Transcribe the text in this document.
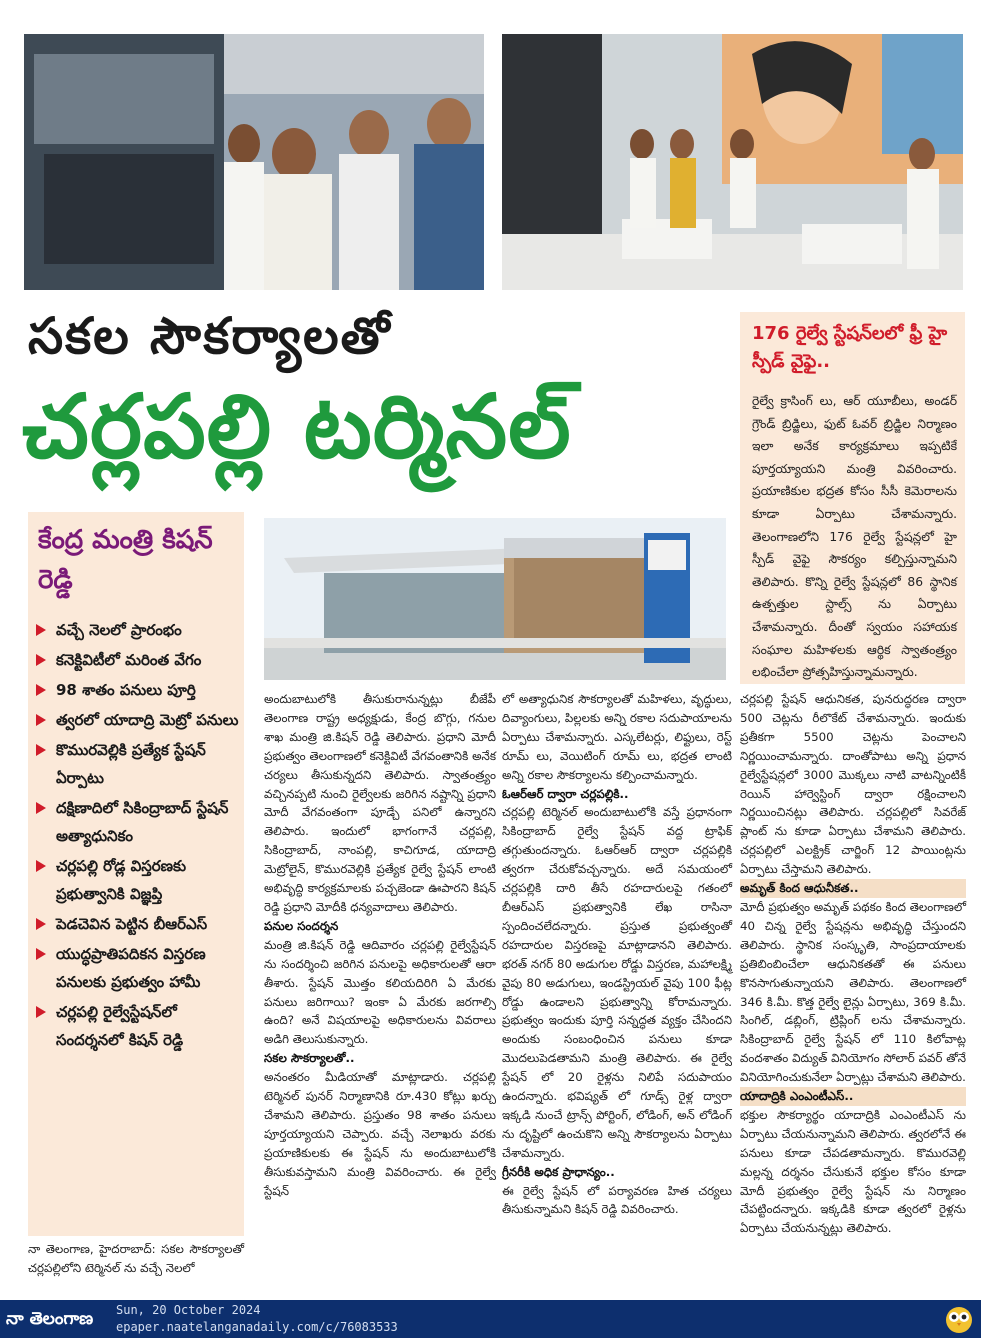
సకల సౌకర్యాలతో
చర్లపల్లి టర్మినల్
176 రైల్వే స్టేషన్‌లలో ఫ్రీ హై స్పీడ్ వైఫై..
రైల్వే క్రాసింగ్ లు, ఆర్ యూబీలు, అండర్ గ్రౌండ్ బ్రిడ్జిలు, ఫుట్ ఓవర్ బ్రిడ్జిల నిర్మాణం ఇలా అనేక కార్యక్రమాలు ఇప్పటికే పూర్తయ్యాయని మంత్రి వివరించారు. ప్రయాణికుల భద్రత కోసం సీసీ కెమెరాలను కూడా ఏర్పాటు చేశామన్నారు. తెలంగాణలోని 176 రైల్వే స్టేషన్లలో హై స్పీడ్ వైఫై సౌకర్యం కల్పిస్తున్నామని తెలిపారు. కొన్ని రైల్వే స్టేషన్లలో 86 స్థానిక ఉత్పత్తుల స్టాల్స్ ను ఏర్పాటు చేశామన్నారు. దీంతో స్వయం సహాయక సంఘాల మహిళలకు ఆర్థిక స్వాతంత్ర్యం లభించేలా ప్రోత్సహిస్తున్నామన్నారు.
కేంద్ర మంత్రి కిషన్ రెడ్డి
వచ్చే నెలలో ప్రారంభం
కనెక్టివిటీలో మరింత వేగం
98 శాతం పనులు పూర్తి
త్వరలో యాదాద్రి మెట్రో పనులు
కొమురవెల్లికి ప్రత్యేక స్టేషన్ ఏర్పాటు
దక్షిణాదిలో సికింద్రాబాద్ స్టేషన్ అత్యాధునికం
చర్లపల్లి రోడ్ల విస్తరణకు ప్రభుత్వానికి విజ్ఞప్తి
పెడచెవిన పెట్టిన బీఆర్ఎస్
యుద్ధప్రాతిపదికన విస్తరణ పనులకు ప్రభుత్వం హామీ
చర్లపల్లి రైల్వేస్టేషన్‌లో సందర్శనలో కిషన్ రెడ్డి
నా తెలంగాణ, హైదరాబాద్: సకల సౌకర్యాలతో చర్లపల్లిలోని టెర్మినల్ ను వచ్చే నెలలో

అందుబాటులోకి తీసుకురానున్నట్లు బీజేపీ తెలంగాణ రాష్ట్ర అధ్యక్షుడు, కేంద్ర బొగ్గు, గనుల శాఖ మంత్రి జి.కిషన్ రెడ్డి తెలిపారు. ప్రధాని మోదీ ప్రభుత్వం తెలంగాణలో కనెక్టివిటీ వేగవంతానికి అనేక చర్యలు తీసుకున్నదని తెలిపారు. స్వాతంత్ర్యం వచ్చినప్పటి నుంచి రైల్వేలకు జరిగిన నష్టాన్ని ప్రధాని మోదీ వేగవంతంగా పూడ్చే పనిలో ఉన్నారని తెలిపారు. ఇందులో భాగంగానే చర్లపల్లి, సికింద్రాబాద్, నాంపల్లి, కాచిగూడ, యాదాద్రి మెట్రోలైన్, కొమురవెల్లికి ప్రత్యేక రైల్వే స్టేషన్ లాంటి అభివృద్ధి కార్యక్రమాలకు పచ్చజెండా ఊపారని కిషన్ రెడ్డి ప్రధాని మోదీకి ధన్యవాదాలు తెలిపారు.

పనుల సందర్శన

మంత్రి జి.కిషన్ రెడ్డి ఆదివారం చర్లపల్లి రైల్వేస్టేషన్ ను సందర్శించి జరిగిన పనులపై అధికారులతో ఆరా తీశారు. స్టేషన్ మొత్తం కలియదిరిగి ఏ మేరకు పనులు జరిగాయి? ఇంకా ఏ మేరకు జరగాల్సి ఉంది? అనే విషయాలపై అధికారులను వివరాలు అడిగి తెలుసుకున్నారు.

సకల సౌకర్యాలతో..

అనంతరం మీడియాతో మాట్లాడారు. చర్లపల్లి టెర్మినల్ పునర్ నిర్మాణానికి రూ.430 కోట్లు ఖర్చు చేశామని తెలిపారు. ప్రస్తుతం 98 శాతం పనులు పూర్తయ్యాయని చెప్పారు. వచ్చే నెలాఖరు వరకు ప్రయాణికులకు ఈ స్టేషన్ ను అందుబాటులోకి తీసుకువస్తామని మంత్రి వివరించారు. ఈ రైల్వే స్టేషన్

లో అత్యాధునిక సౌకర్యాలతో మహిళలు, వృద్ధులు, దివ్యాంగులు, పిల్లలకు అన్ని రకాల సదుపాయాలను ఏర్పాటు చేశామన్నారు. ఎస్కలేటర్లు, లిఫ్టులు, రెస్ట్ రూమ్ లు, వెయిటింగ్ రూమ్ లు, భద్రత లాంటి అన్ని రకాల సౌకర్యాలను కల్పించామన్నారు.

ఓఆర్ఆర్ ద్వారా చర్లపల్లికి..

చర్లపల్లి టెర్మినల్ అందుబాటులోకి వస్తే ప్రధానంగా సికింద్రాబాద్ రైల్వే స్టేషన్ వద్ద ట్రాఫిక్ తగ్గుతుందన్నారు. ఓఆర్ఆర్ ద్వారా చర్లపల్లికి త్వరగా చేరుకోవచ్చన్నారు. అదే సమయంలో చర్లపల్లికి దారి తీసే రహదారులపై గతంలో బీఆర్ఎస్ ప్రభుత్వానికి లేఖ రాసినా స్పందించలేదన్నారు. ప్రస్తుత ప్రభుత్వంతో రహదారుల విస్తరణపై మాట్లాడానని తెలిపారు. భరత్ నగర్ 80 అడుగుల రోడ్డు విస్తరణ, మహాలక్ష్మి వైపు 80 అడుగులు, ఇండస్ట్రియల్ వైపు 100 ఫీట్ల రోడ్డు ఉండాలని ప్రభుత్వాన్ని కోరామన్నారు. ప్రభుత్వం ఇందుకు పూర్తి సన్నద్ధత వ్యక్తం చేసిందని అందుకు సంబంధించిన పనులు కూడా మొదలుపెడతామని మంత్రి తెలిపారు. ఈ రైల్వే స్టేషన్ లో 20 రైళ్లను నిలిపే సదుపాయం ఉందన్నారు. భవిష్యత్ లో గూడ్స్ రైళ్ల ద్వారా ఇక్కడి నుంచే ట్రాన్స్ పోర్టింగ్, లోడింగ్, అన్ లోడింగ్ ను దృష్టిలో ఉంచుకొని అన్ని సౌకర్యాలను ఏర్పాటు చేశామన్నారు.

గ్రీనరీకి అధిక ప్రాధాన్యం..

ఈ రైల్వే స్టేషన్ లో పర్యావరణ హిత చర్యలు తీసుకున్నామని కిషన్ రెడ్డి వివరించారు.

చర్లపల్లి స్టేషన్ ఆధునికత, పునరుద్ధరణ ద్వారా 500 చెట్లను రీలొకేట్ చేశామన్నారు. ఇందుకు ప్రతీకగా 5500 చెట్లను పెంచాలని నిర్ణయించామన్నారు. దాంతోపాటు అన్ని ప్రధాన రైల్వేస్టేషన్లలో 3000 మొక్కలు నాటి వాటన్నింటికీ రెయిన్ హార్వెస్టింగ్ ద్వారా రక్షించాలని నిర్ణయించినట్లు తెలిపారు. చర్లపల్లిలో సివరేజ్ ప్లాంట్ ను కూడా ఏర్పాటు చేశామని తెలిపారు. చర్లపల్లిలో ఎలక్ట్రిక్ చార్జింగ్ 12 పాయింట్లను ఏర్పాటు చేస్తామని తెలిపారు.

అమృత్ కింద ఆధునీకత..

మోదీ ప్రభుత్వం అమృత్ పథకం కింద తెలంగాణలో 40 చిన్న రైల్వే స్టేషన్లను అభివృద్ధి చేస్తుందని తెలిపారు. స్థానిక సంస్కృతి, సాంప్రదాయాలకు ప్రతిబింబించేలా ఆధునికతతో ఈ పనులు కొనసాగుతున్నాయని తెలిపారు. తెలంగాణలో 346 కి.మీ. కొత్త రైల్వే లైన్లు ఏర్పాటు, 369 కి.మీ. సింగిల్, డబ్లింగ్, ట్రిప్లింగ్ లను చేశామన్నారు. సికింద్రాబాద్ రైల్వే స్టేషన్ లో 110 కిలోవాట్ల వందశాతం విద్యుత్ వినియోగం సోలార్ పవర్ తోనే వినియోగించుకునేలా ఏర్పాట్లు చేశామని తెలిపారు.

యాదాద్రికి ఎంఎంటీఎస్..

భక్తుల సౌకర్యార్థం యాదాద్రికి ఎంఎంటీఎస్ ను ఏర్పాటు చేయనున్నామని తెలిపారు. త్వరలోనే ఈ పనులు కూడా చేపడతామన్నారు. కొమురవెల్లి మల్లన్న దర్శనం చేసుకునే భక్తుల కోసం కూడా మోదీ ప్రభుత్వం రైల్వే స్టేషన్ ను నిర్మాణం చేపట్టిందన్నారు. ఇక్కడికి కూడా త్వరలో రైళ్లను ఏర్పాటు చేయనున్నట్లు తెలిపారు.

నా తెలంగాణ Sun, 20 October 2024
epaper.naatelanganadaily.com/c/76083533
